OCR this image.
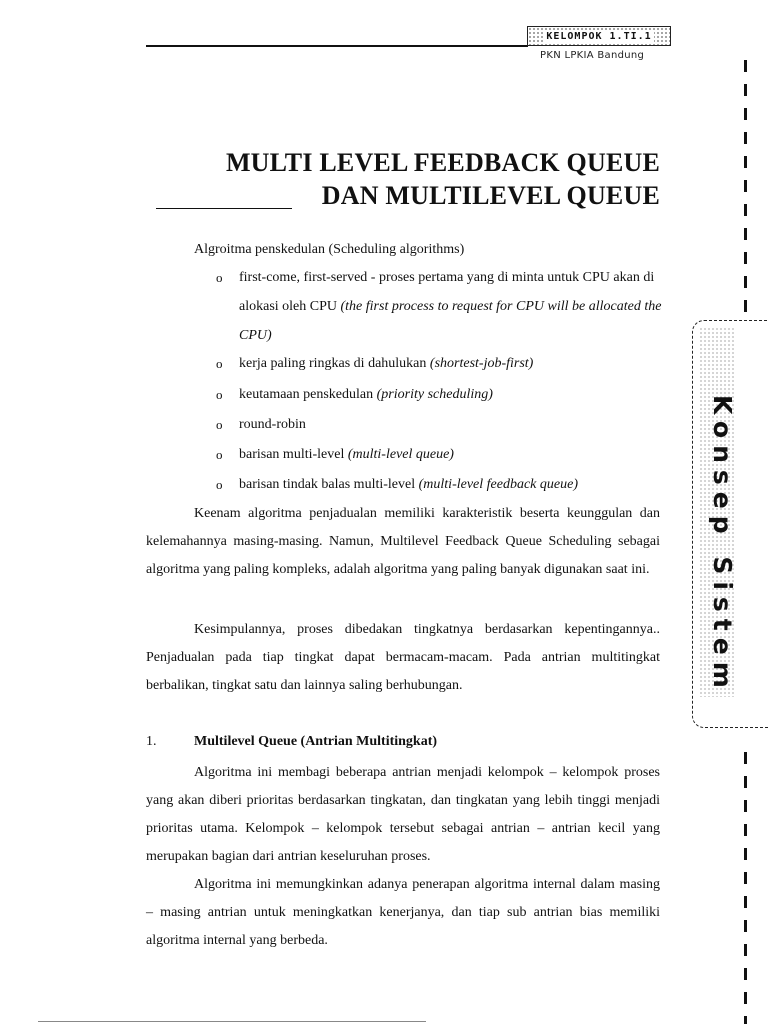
KELOMPOK 1.TI.1
PKN LPKIA Bandung
Konsep Sistem
MULTI LEVEL FEEDBACK QUEUE
DAN MULTILEVEL QUEUE
Algroitma penskedulan (Scheduling algorithms)
o first-come, first-served - proses pertama yang di minta untuk CPU akan di alokasi oleh CPU (the first process to request for CPU will be allocated the CPU)
o kerja paling ringkas di dahulukan (shortest-job-first)
o keutamaan penskedulan (priority scheduling)
o round-robin
o barisan multi-level (multi-level queue)
o barisan tindak balas multi-level (multi-level feedback queue)
Keenam algoritma penjadualan memiliki karakteristik beserta keunggulan dan kelemahannya masing-masing. Namun, Multilevel Feedback Queue Scheduling sebagai algoritma yang paling kompleks, adalah algoritma yang paling banyak digunakan saat ini.
Kesimpulannya, proses dibedakan tingkatnya berdasarkan kepentingannya.. Penjadualan pada tiap tingkat dapat bermacam-macam. Pada antrian multitingkat berbalikan, tingkat satu dan lainnya saling berhubungan.
1.	Multilevel Queue (Antrian Multitingkat)
Algoritma ini membagi beberapa antrian menjadi kelompok – kelompok proses yang akan diberi prioritas berdasarkan tingkatan, dan tingkatan yang lebih tinggi menjadi prioritas utama. Kelompok – kelompok tersebut sebagai antrian – antrian kecil yang merupakan bagian dari antrian keseluruhan proses.
Algoritma ini memungkinkan adanya penerapan algoritma internal dalam masing – masing antrian untuk meningkatkan kenerjanya, dan tiap sub antrian bias memiliki algoritma internal yang berbeda.
